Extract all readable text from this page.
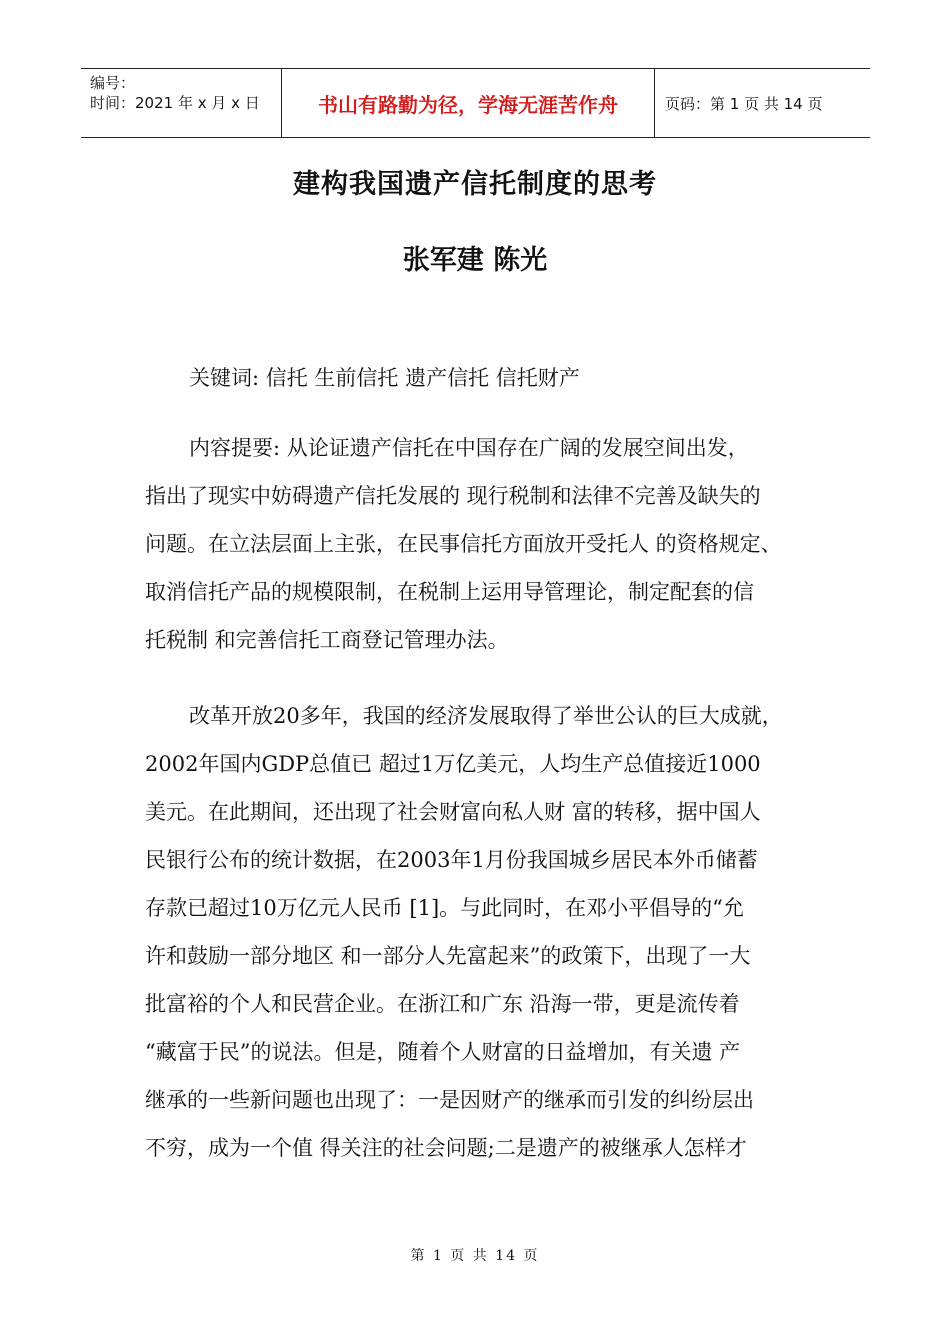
编号：
时间：2021 年 x 月 x 日	书山有路勤为径，学海无涯苦作舟	页码：第 1 页 共 14 页
建构我国遗产信托制度的思考
张军建 陈光
关键词: 信托 生前信托 遗产信托 信托财产
内容提要: 从论证遗产信托在中国存在广阔的发展空间出发，
指出了现实中妨碍遗产信托发展的 现行税制和法律不完善及缺失的
问题。在立法层面上主张，在民事信托方面放开受托人 的资格规定、
取消信托产品的规模限制，在税制上运用导管理论，制定配套的信
托税制 和完善信托工商登记管理办法。
改革开放20多年，我国的经济发展取得了举世公认的巨大成就，
2002年国内GDP总值已 超过1万亿美元，人均生产总值接近1000
美元。在此期间，还出现了社会财富向私人财 富的转移，据中国人
民银行公布的统计数据，在2003年1月份我国城乡居民本外币储蓄
存款已超过10万亿元人民币 [1]。与此同时，在邓小平倡导的“允
许和鼓励一部分地区 和一部分人先富起来”的政策下，出现了一大
批富裕的个人和民营企业。在浙江和广东 沿海一带，更是流传着
“藏富于民”的说法。但是，随着个人财富的日益增加，有关遗 产
继承的一些新问题也出现了：一是因财产的继承而引发的纠纷层出
不穷，成为一个值 得关注的社会问题;二是遗产的被继承人怎样才
第 1 页 共 14 页
